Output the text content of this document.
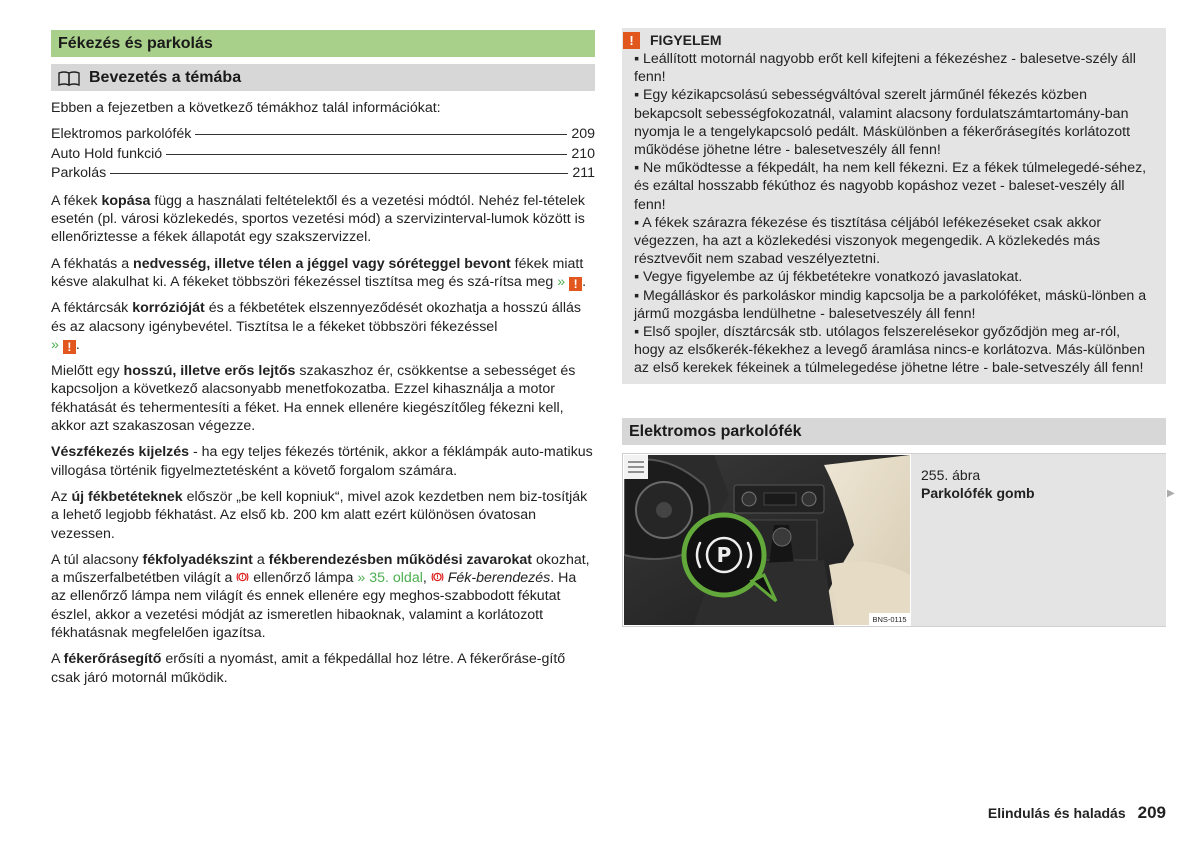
Fékezés és parkolás
Bevezetés a témába
Ebben a fejezetben a következő témákhoz talál információkat:
Elektromos parkolófék	209
Auto Hold funkció	210
Parkolás	211

A fékek kopása függ a használati feltételektől és a vezetési módtól. Nehéz fel-tételek esetén (pl. városi közlekedés, sportos vezetési mód) a szervizinterval-lumok között is ellenőriztesse a fékek állapotát egy szakszervizzel.

A fékhatás a nedvesség, illetve télen a jéggel vagy sóréteggel bevont fékek miatt késve alakulhat ki. A fékeket többszöri fékezéssel tisztítsa meg és szá-rítsa meg » ! .

A féktárcsák korrózióját és a fékbetétek elszennyeződését okozhatja a hosszú állás és az alacsony igénybevétel. Tisztítsa le a fékeket többszöri fékezéssel
» ! .

Mielőtt egy hosszú, illetve erős lejtős szakaszhoz ér, csökkentse a sebességet és kapcsoljon a következő alacsonyabb menetfokozatba. Ezzel kihasználja a motor fékhatását és tehermentesíti a féket. Ha ennek ellenére kiegészítőleg fékezni kell, akkor azt szakaszosan végezze.

Vészfékezés kijelzés - ha egy teljes fékezés történik, akkor a féklámpák auto-matikus villogása történik figyelmeztetésként a követő forgalom számára.

Az új fékbetéteknek először „be kell kopniuk“, mivel azok kezdetben nem biz-tosítják a lehető legjobb fékhatást. Az első kb. 200 km alatt ezért különösen óvatosan vezessen.

A túl alacsony fékfolyadékszint a fékberendezésben működési zavarokat okozhat, a műszerfalbetétben világít a ! ellenőrző lámpa » 35. oldal, ! Fék-berendezés. Ha az ellenőrző lámpa nem világít és ennek ellenére egy meghos-szabbodott fékutat észlel, akkor a vezetési módját az ismeretlen hibaoknak, valamint a korlátozott fékhatásnak megfelelően igazítsa.

A fékerőrásegítő erősíti a nyomást, amit a fékpedállal hoz létre. A fékerőráse-gítő csak járó motornál működik.

!	FIGYELEM
▪ Leállított motornál nagyobb erőt kell kifejteni a fékezéshez - balesetve-szély áll fenn!
▪ Egy kézikapcsolású sebességváltóval szerelt járműnél fékezés közben bekapcsolt sebességfokozatnál, valamint alacsony fordulatszámtartomány-ban nyomja le a tengelykapcsoló pedált. Máskülönben a fékerőrásegítés korlátozott működése jöhetne létre - balesetveszély áll fenn!
▪ Ne működtesse a fékpedált, ha nem kell fékezni. Ez a fékek túlmelegedé-séhez, és ezáltal hosszabb fékúthoz és nagyobb kopáshoz vezet - baleset-veszély áll fenn!
▪ A fékek szárazra fékezése és tisztítása céljából lefékezéseket csak akkor végezzen, ha azt a közlekedési viszonyok megengedik. A közlekedés más résztvevőit nem szabad veszélyeztetni.
▪ Vegye figyelembe az új fékbetétekre vonatkozó javaslatokat.
▪ Megálláskor és parkoláskor mindig kapcsolja be a parkolóféket, máskü-lönben a jármű mozgásba lendülhetne - balesetveszély áll fenn!
▪ Első spojler, dísztárcsák stb. utólagos felszerelésekor győződjön meg ar-ról, hogy az elsőkerék-fékekhez a levegő áramlása nincs-e korlátozva. Más-különben az első kerekek fékeinek a túlmelegedése jöhetne létre - bale-setveszély áll fenn!
Elektromos parkolófék
P
BNS-0115
255. ábra
Parkolófék gomb	▶
Elindulás és haladás 209
